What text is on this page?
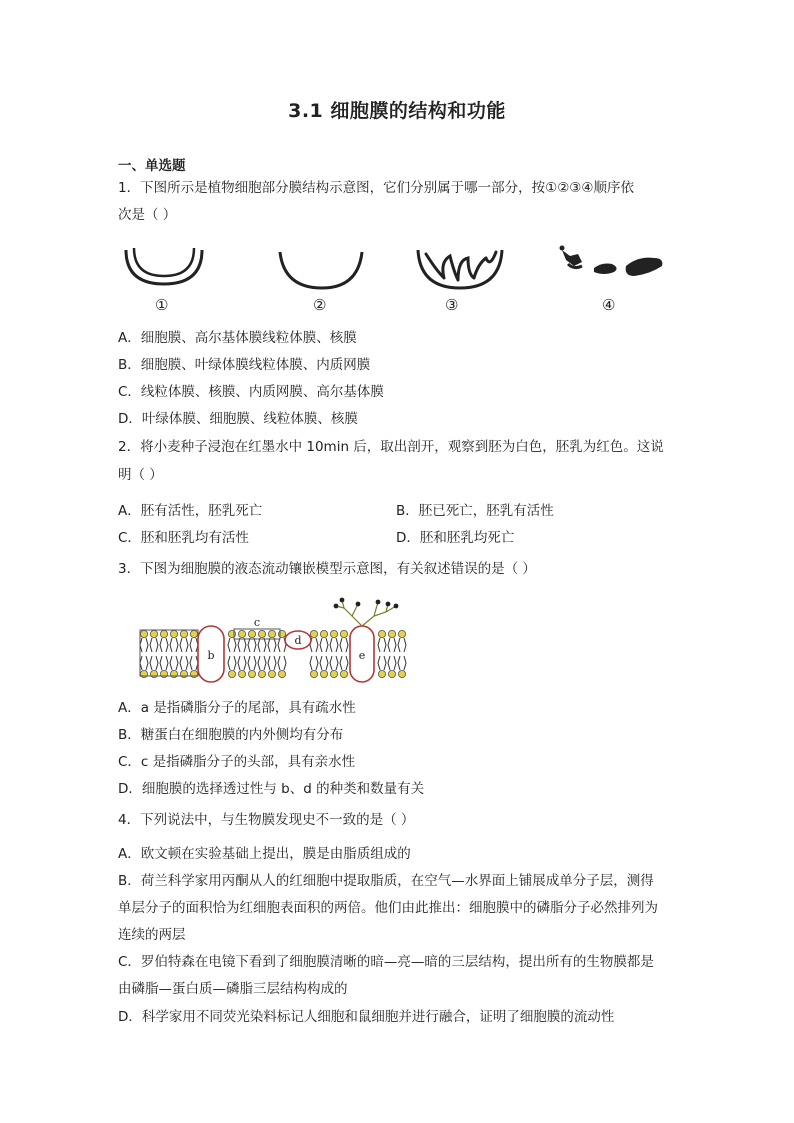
3.1 细胞膜的结构和功能
一、单选题
1．下图所示是植物细胞部分膜结构示意图，它们分别属于哪一部分，按①②③④顺序依
次是（ ）
①	②	③	④
A．细胞膜、高尔基体膜线粒体膜、核膜
B．细胞膜、叶绿体膜线粒体膜、内质网膜
C．线粒体膜、核膜、内质网膜、高尔基体膜
D．叶绿体膜、细胞膜、线粒体膜、核膜
2．将小麦种子浸泡在红墨水中 10min 后，取出剖开，观察到胚为白色，胚乳为红色。这说
明（ ）
A．胚有活性，胚乳死亡	B．胚已死亡，胚乳有活性
C．胚和胚乳均有活性	D．胚和胚乳均死亡
3．下图为细胞膜的液态流动镶嵌模型示意图，有关叙述错误的是（ ）
b
c
d
e
A．a 是指磷脂分子的尾部，具有疏水性
B．糖蛋白在细胞膜的内外侧均有分布
C．c 是指磷脂分子的头部，具有亲水性
D．细胞膜的选择透过性与 b、d 的种类和数量有关
4．下列说法中，与生物膜发现史不一致的是（ ）
A．欧文顿在实验基础上提出，膜是由脂质组成的
B．荷兰科学家用丙酮从人的红细胞中提取脂质，在空气—水界面上铺展成单分子层，测得
单层分子的面积恰为红细胞表面积的两倍。他们由此推出：细胞膜中的磷脂分子必然排列为
连续的两层
C．罗伯特森在电镜下看到了细胞膜清晰的暗—亮—暗的三层结构，提出所有的生物膜都是
由磷脂—蛋白质—磷脂三层结构构成的
D．科学家用不同荧光染料标记人细胞和鼠细胞并进行融合，证明了细胞膜的流动性
